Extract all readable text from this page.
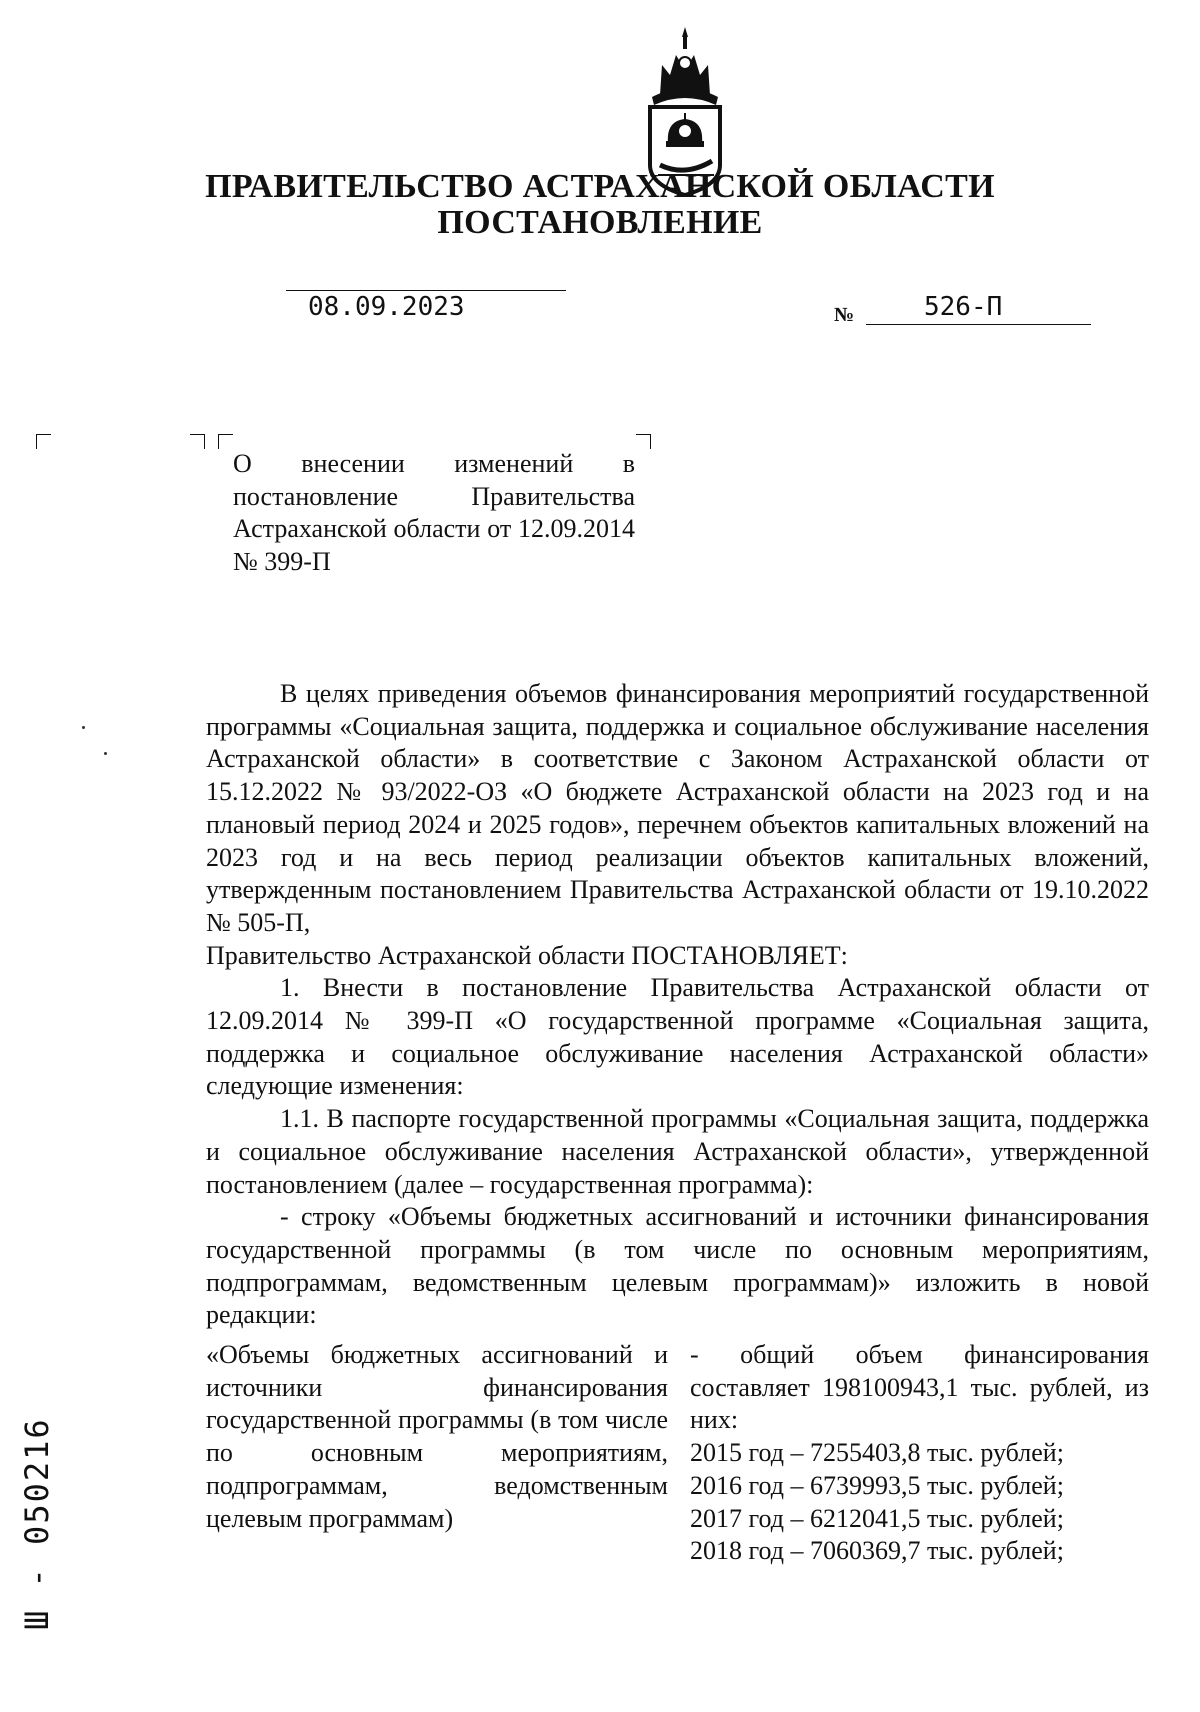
ПРАВИТЕЛЬСТВО АСТРАХАНСКОЙ ОБЛАСТИ
ПОСТАНОВЛЕНИЕ
08.09.2023	№	526-П
О внесении изменений в постановление Правительства Астраханской области от 12.09.2014 № 399-П

В целях приведения объемов финансирования мероприятий государственной программы «Социальная защита, поддержка и социальное обслуживание населения Астраханской области» в соответствие с Законом Астраханской области от 15.12.2022 № 93/2022-ОЗ «О бюджете Астраханской области на 2023 год и на плановый период 2024 и 2025 годов», перечнем объектов капитальных вложений на 2023 год и на весь период реализации объектов капитальных вложений, утвержденным постановлением Правительства Астраханской области от 19.10.2022 № 505-П,

Правительство Астраханской области ПОСТАНОВЛЯЕТ:

1. Внести в постановление Правительства Астраханской области от 12.09.2014 № 399-П «О государственной программе «Социальная защита, поддержка и социальное обслуживание населения Астраханской области» следующие изменения:

1.1. В паспорте государственной программы «Социальная защита, поддержка и социальное обслуживание населения Астраханской области», утвержденной постановлением (далее – государственная программа):

- строку «Объемы бюджетных ассигнований и источники финансирования государственной программы (в том числе по основным мероприятиям, подпрограммам, ведомственным целевым программам)» изложить в новой редакции:

«Объемы бюджетных ассигнований и источники финансирования государственной программы (в том числе по основным мероприятиям, подпрограммам, ведомственным целевым программам)
- общий объем финансирования составляет 198100943,1 тыс. рублей, из них:
2015 год – 7255403,8 тыс. рублей;
2016 год – 6739993,5 тыс. рублей;
2017 год – 6212041,5 тыс. рублей;
2018 год – 7060369,7 тыс. рублей;
Ш - 050216
